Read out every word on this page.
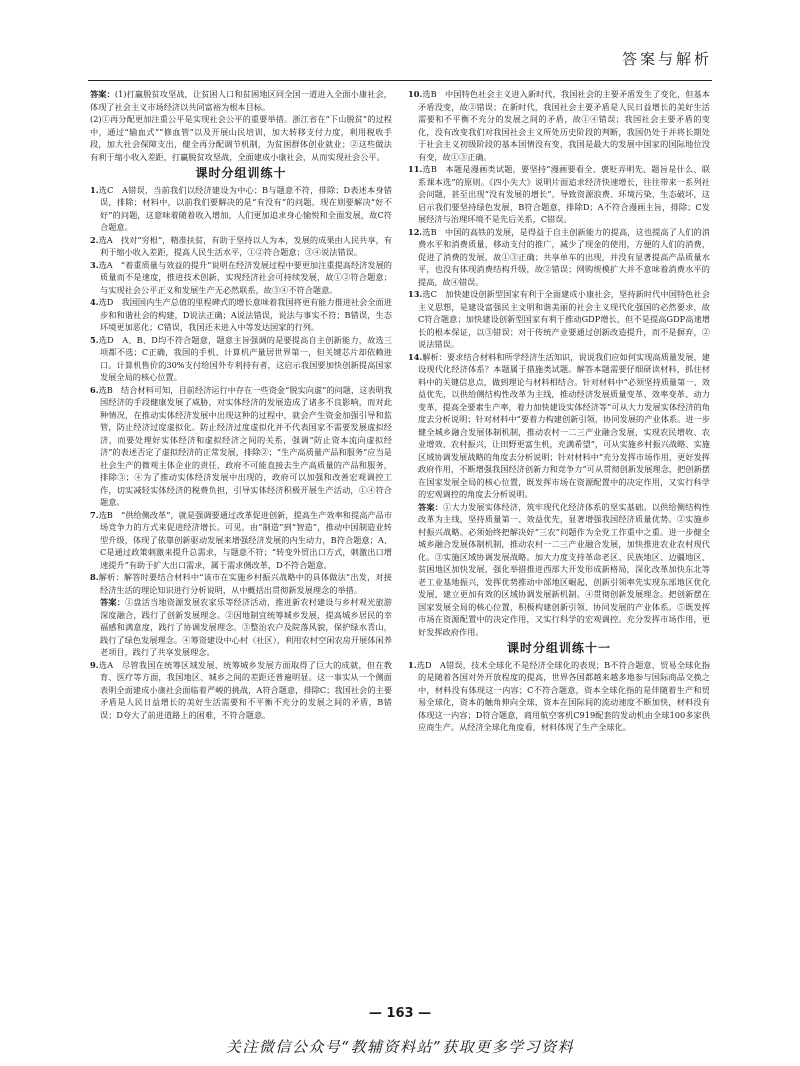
答案与解析

答案：(1)打赢脱贫攻坚战，让贫困人口和贫困地区同全国一道进入全面小康社会，体现了社会主义市场经济以共同富裕为根本目标。

(2)①再分配更加注重公平是实现社会公平的重要举措。浙江省在“下山脱贫”的过程中，通过“输血式”“修血管”以及开展山民培训，加大转移支付力度，利用税收手段，加大社会保障支出，健全再分配调节机制，为贫困群体创业就业；②这些做法有利于缩小收入差距，打赢脱贫攻坚战，全面建成小康社会，从而实现社会公平。

课时分组训练十

1.选C　A错误，当前我们以经济建设为中心；B与题意不符，排除；D表述本身错误，排除；材料中，以前我们要解决的是“有没有”的问题，现在则要解决“好不好”的问题，这意味着随着收入增加，人们更加追求身心愉悦和全面发展，故C符合题意。

2.选A　找对“穷根”，精准扶贫，有助于坚持以人为本，发展的成果由人民共享，有利于缩小收入差距，提高人民生活水平，①②符合题意；③④说法错误。

3.选A　“着重质量与效益的提升”说明在经济发展过程中要更加注重提高经济发展的质量而不是速度，推进技术创新，实现经济社会可持续发展，故①②符合题意；与实现社会公平正义和发展生产无必然联系，故③④不符合题意。

4.选D　我国国内生产总值的里程碑式的增长意味着我国将更有能力推进社会全面进步和和谐社会的构建，D说法正确；A说法错误，说法与事实不符；B错误，生态环境更加恶化；C错误，我国还未进入中等发达国家的行列。

5.选D　A、B、D均不符合题意，题意主旨强调的是要提高自主创新能力，故选三项都不选；C正确，我国的手机、计算机产量居世界第一，但关键芯片却依赖进口。计算机售价的30%支付给国外专利持有者，这启示我国要加快创新提高国家发展全局的核心位置。

6.选B　结合材料可知，目前经济运行中存在一些资金“脱实向虚”的问题，这表明我国经济的手段健康发展了威胁，对实体经济的发展造成了诸多不良影响，而对此种情况，在推动实体经济发展中出现这种的过程中，就会产生资金加强引导和监管，防止经济过度虚拟化。防止经济过度虚拟化并不代表国家不需要发展虚拟经济，而要处理好实体经济和虚拟经济之间的关系，强调“防止资本流向虚拟经济”的表述否定了虚拟经济的正常发展，排除②；“生产高质量产品和服务”应当是社会生产的微观主体企业的责任，政府不可能直接去生产高质量的产品和服务，排除③；④为了推动实体经济发展中出现的，政府可以加强和改善宏观调控工作，切实减轻实体经济的税费负担，引导实体经济积极开展生产活动，①④符合题意。

7.选B　“供给侧改革”，就是强调要通过改革促进创新，提高生产效率和提高产品市场竞争力的方式来促进经济增长。可见，由“制造”到“智造”，推动中国制造业转型升级，体现了依靠创新驱动发展来增强经济发展的内生动力，B符合题意；A、C是通过政策刺激来提升总需求，与题意不符；“转变外贸出口方式，刺激出口增速提升”有助于扩大出口需求，属于需求侧改革，D不符合题意。

8.解析：解答时要结合材料中“该市在实施乡村振兴战略中的具体做法”出发，对接经济生活的理论知识进行分析说明，从中概括出贯彻新发展理念的举措。

答案：①盘活当地资源发展农家乐等经济活动，推进新农村建设与乡村观光旅游深度融合，践行了创新发展理念。②因地制宜统筹城乡发展，提高城乡居民的幸福感和满意度，践行了协调发展理念。③整治农户及院落风貌，保护绿水青山，践行了绿色发展理念。④筹资建设中心村（社区），利用农村空闲农房开展体闲养老项目，践行了共享发展理念。

9.选A　尽管我国在统筹区域发展、统筹城乡发展方面取得了巨大的成就，但在教育、医疗等方面，我国地区、城乡之间的差距还普遍明显。这一事实从一个侧面表明全面建成小康社会面临着严峻的挑战，A符合题意，排除C；我国社会的主要矛盾是人民日益增长的美好生活需要和不平衡不充分的发展之间的矛盾，B错误；D夸大了前进道路上的困难，不符合题意。

10.选B　中国特色社会主义进入新时代，我国社会的主要矛盾发生了变化，但基本矛盾没变，故②错误；在新时代，我国社会主要矛盾是人民日益增长的美好生活需要和不平衡不充分的发展之间的矛盾，故①④错误；我国社会主要矛盾的变化，没有改变我们对我国社会主义所处历史阶段的判断，我国仍处于并将长期处于社会主义初级阶段的基本国情没有变，我国是最大的发展中国家的国际地位没有变，故①③正确。

11.选B　本题是漫画类试题，要坚持“漫画要看全、褒贬弄明先、题旨是什么、联系课本选”的原则。《四小失大》说明片面追求经济快速增长，往往带来一系列社会问题，甚至出现“没有发展的增长”，导致资源浪费、环境污染、生态破坏，这启示我们要坚持绿色发展，B符合题意，排除D；A不符合漫画主旨，排除；C发展经济与治理环境不是先后关系，C错误。

12.选B　中国的高铁的发展，是得益于自主创新能力的提高，这也提高了人们的消费水平和消费质量，移动支付的推广，减少了现金的使用，方便的人们的消费，促进了消费的发展，故①③正确；共享单车的出现，并没有显著提高产品质量水平，也没有体现消费结构升级，故②错误；网购规模扩大并不意味着消费水平的提高，故④错误。

13.选C　加快建设创新型国家有利于全面建成小康社会，坚持新时代中国特色社会主义思想，是建设富强民主文明和谐美丽的社会主义现代化强国的必然要求，故C符合题意；加快建设创新型国家有利于推动GDP增长，但不是提高GDP高速增长的根本保证，以③错误；对于传统产业要通过创新改造提升，而不是摒弃，②说法错误。

14.解析：要求结合材料和所学经济生活知识，说说我们应如何实现高质量发展，建设现代化经济体系？本题属于措施类试题。解答本题需要仔细研读材料，抓住材料中的关键信息点，做到理论与材料相结合。针对材料中“必须坚持质量第一、效益优先，以供给侧结构性改革为主线，推动经济发展质量变革、效率变革、动力变革，提高全要素生产率，着力加快建设实体经济等”可从大力发展实体经济的角度去分析说明；针对材料中“要着力构建创新引领，协同发展的产业体系。进一步健全城乡融合发展体制机制，推动农村一二三产业融合发展，实现农民增收、农业增效、农村振兴，让田野更富生机，充满希望”，可从实施乡村振兴战略、实施区域协调发展战略的角度去分析说明；针对材料中“充分发挥市场作用，更好发挥政府作用，不断增强我国经济创新力和竞争力”可从贯彻创新发展理念，把创新摆在国家发展全局的核心位置，既发挥市场在资源配置中的决定作用，又实行科学的宏观调控的角度去分析说明。

答案：①大力发展实体经济，筑牢现代化经济体系的坚实基础。以供给侧结构性改革为主线，坚持质量第一、效益优先，显著增强我国经济质量优势。②实施乡村振兴战略。必须始终把解决好“三农”问题作为全党工作重中之重。进一步健全城乡融合发展体制机制，推动农村一二三产业融合发展，加快推进农业农村现代化。③实施区域协调发展战略。加大力度支持革命老区、民族地区、边疆地区、贫困地区加快发展，强化举措推进西部大开发形成新格局，深化改革加快东北等老工业基地振兴，发挥优势推动中部地区崛起，创新引领率先实现东部地区优化发展，建立更加有效的区域协调发展新机制。④贯彻创新发展理念。把创新摆在国家发展全局的核心位置，积极构建创新引领、协同发展的产业体系。⑤既发挥市场在资源配置中的决定作用，又实行科学的宏观调控。充分发挥市场作用，更好发挥政府作用。

课时分组训练十一

1.选D　A错误，技术全球化不是经济全球化的表现；B不符合题意，贸易全球化指的是随着各国对外开放程度的提高，世界各国都越来越多地参与国际商品交换之中，材料没有体现这一内容；C不符合题意，资本全球化指的是伴随着生产和贸易全球化，资本的触角伸向全球，资本在国际间的流动速度不断加快，材料没有体现这一内容；D符合题意，商用航空客机C919配套的发动机由全球100多家供应商生产。从经济全球化角度看，材料体现了生产全球化。

— 163 —
关注微信公众号“教辅资料站”获取更多学习资料
